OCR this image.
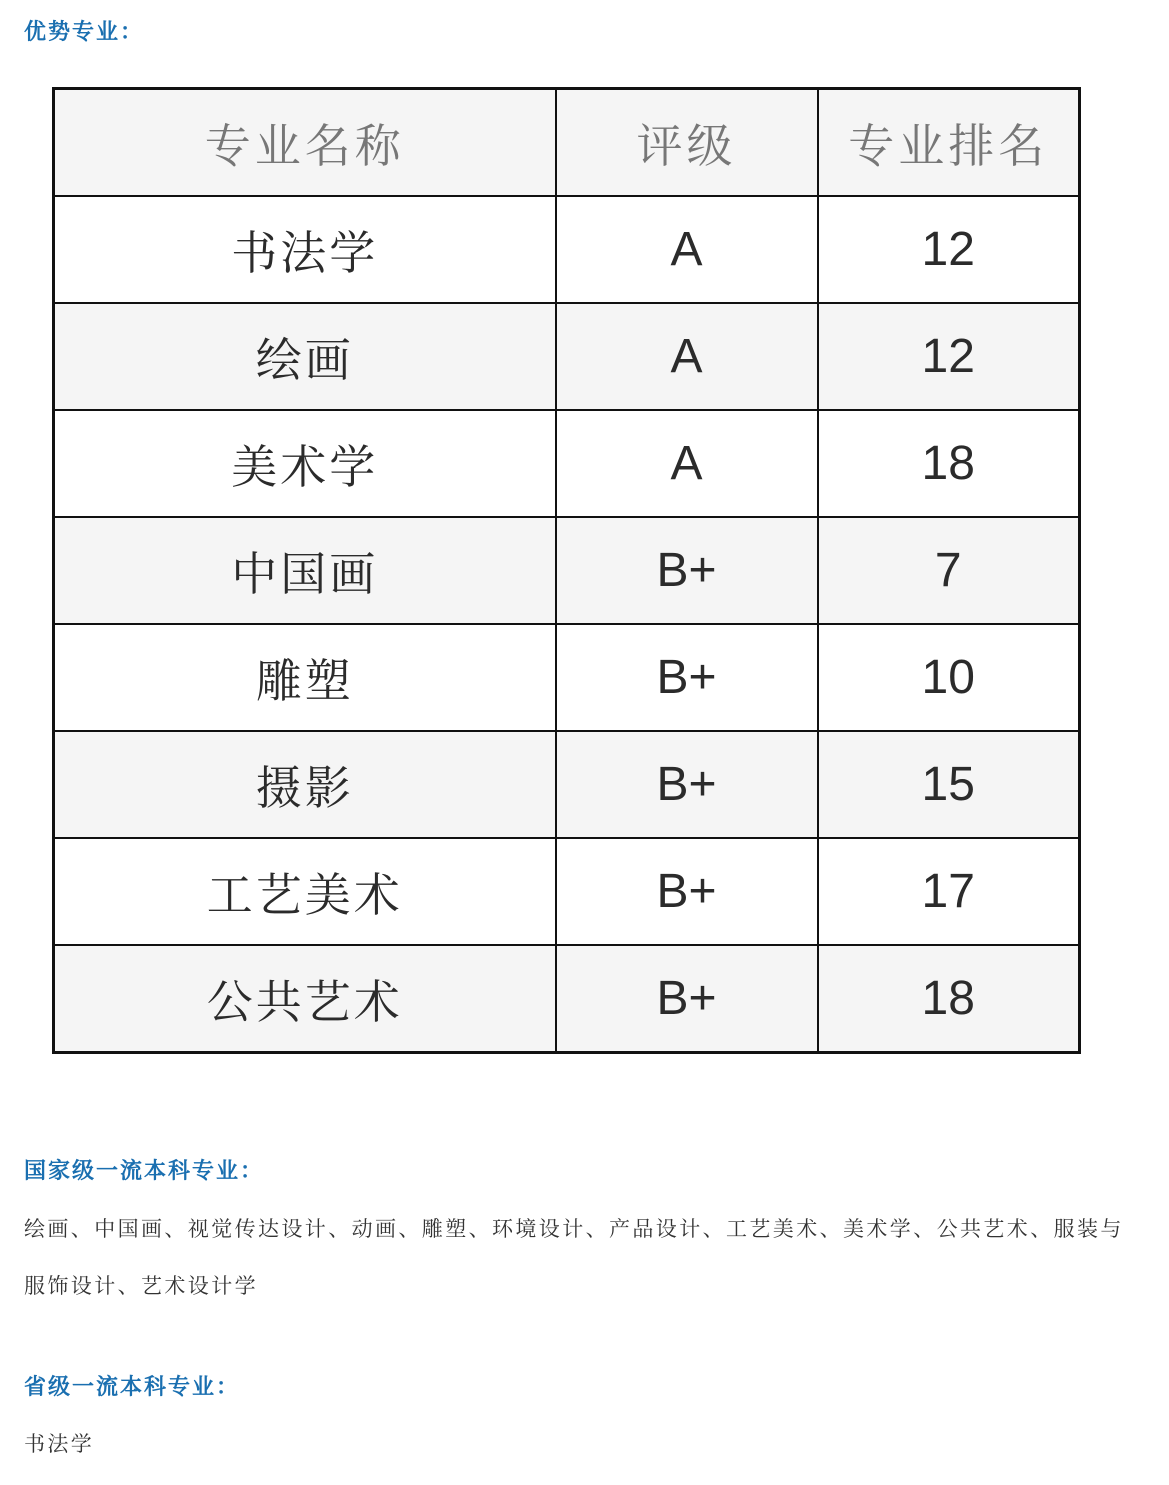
优势专业：
专业名称	评级	专业排名
书法学	A	12
绘画	A	12
美术学	A	18
中国画	B+	7
雕塑	B+	10
摄影	B+	15
工艺美术	B+	17
公共艺术	B+	18
国家级一流本科专业：
绘画、中国画、视觉传达设计、动画、雕塑、环境设计、产品设计、工艺美术、美术学、公共艺术、服装与服饰设计、艺术设计学
省级一流本科专业：
书法学
